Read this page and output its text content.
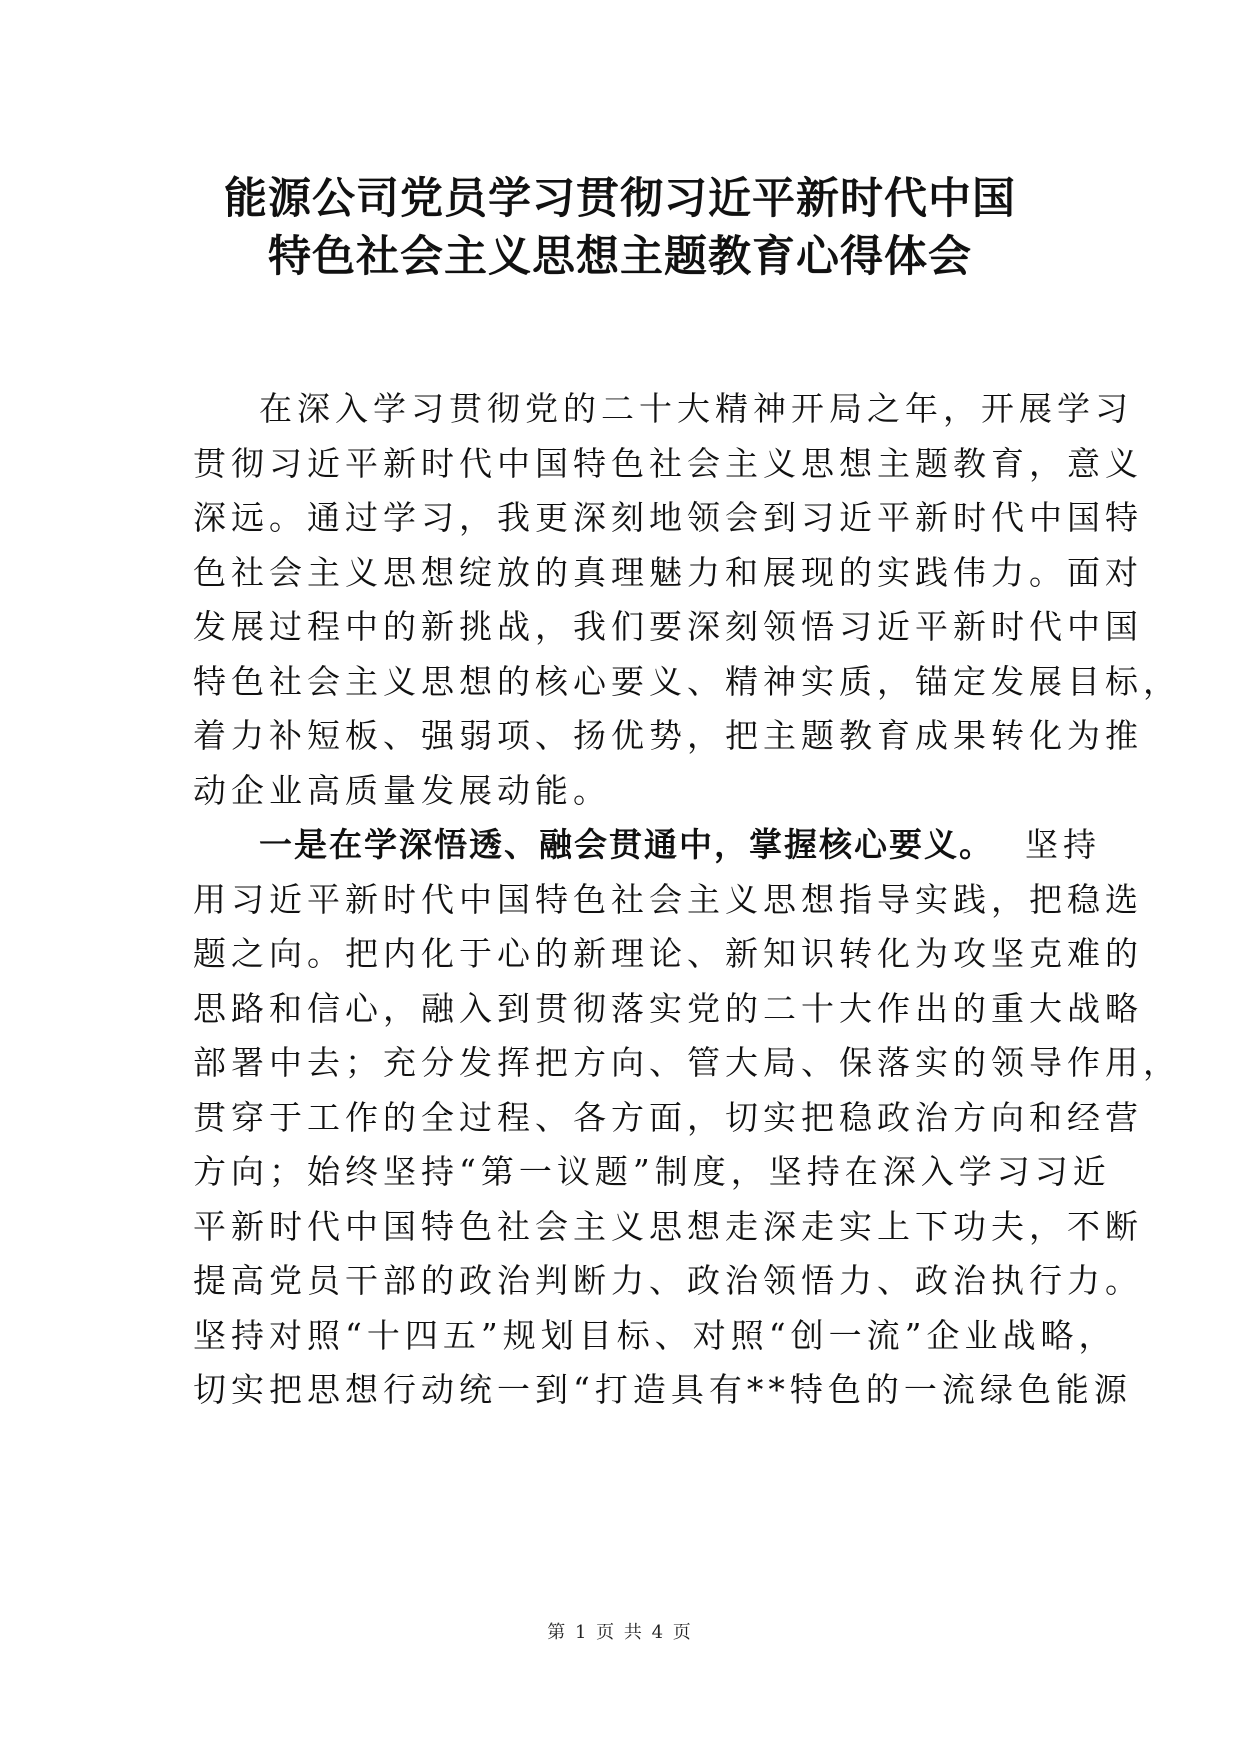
能源公司党员学习贯彻习近平新时代中国
特色社会主义思想主题教育心得体会
在深入学习贯彻党的二十大精神开局之年，开展学习
贯彻习近平新时代中国特色社会主义思想主题教育，意义
深远。通过学习，我更深刻地领会到习近平新时代中国特
色社会主义思想绽放的真理魅力和展现的实践伟力。面对
发展过程中的新挑战，我们要深刻领悟习近平新时代中国
特色社会主义思想的核心要义、精神实质，锚定发展目标，
着力补短板、强弱项、扬优势，把主题教育成果转化为推
动企业高质量发展动能。
一是在学深悟透、融会贯通中，掌握核心要义。 坚持
用习近平新时代中国特色社会主义思想指导实践，把稳选
题之向。把内化于心的新理论、新知识转化为攻坚克难的
思路和信心，融入到贯彻落实党的二十大作出的重大战略
部署中去；充分发挥把方向、管大局、保落实的领导作用，
贯穿于工作的全过程、各方面，切实把稳政治方向和经营
方向；始终坚持“第一议题”制度，坚持在深入学习习近
平新时代中国特色社会主义思想走深走实上下功夫，不断
提高党员干部的政治判断力、政治领悟力、政治执行力。
坚持对照“十四五”规划目标、对照“创一流”企业战略，
切实把思想行动统一到“打造具有**特色的一流绿色能源
第 1 页 共 4 页
